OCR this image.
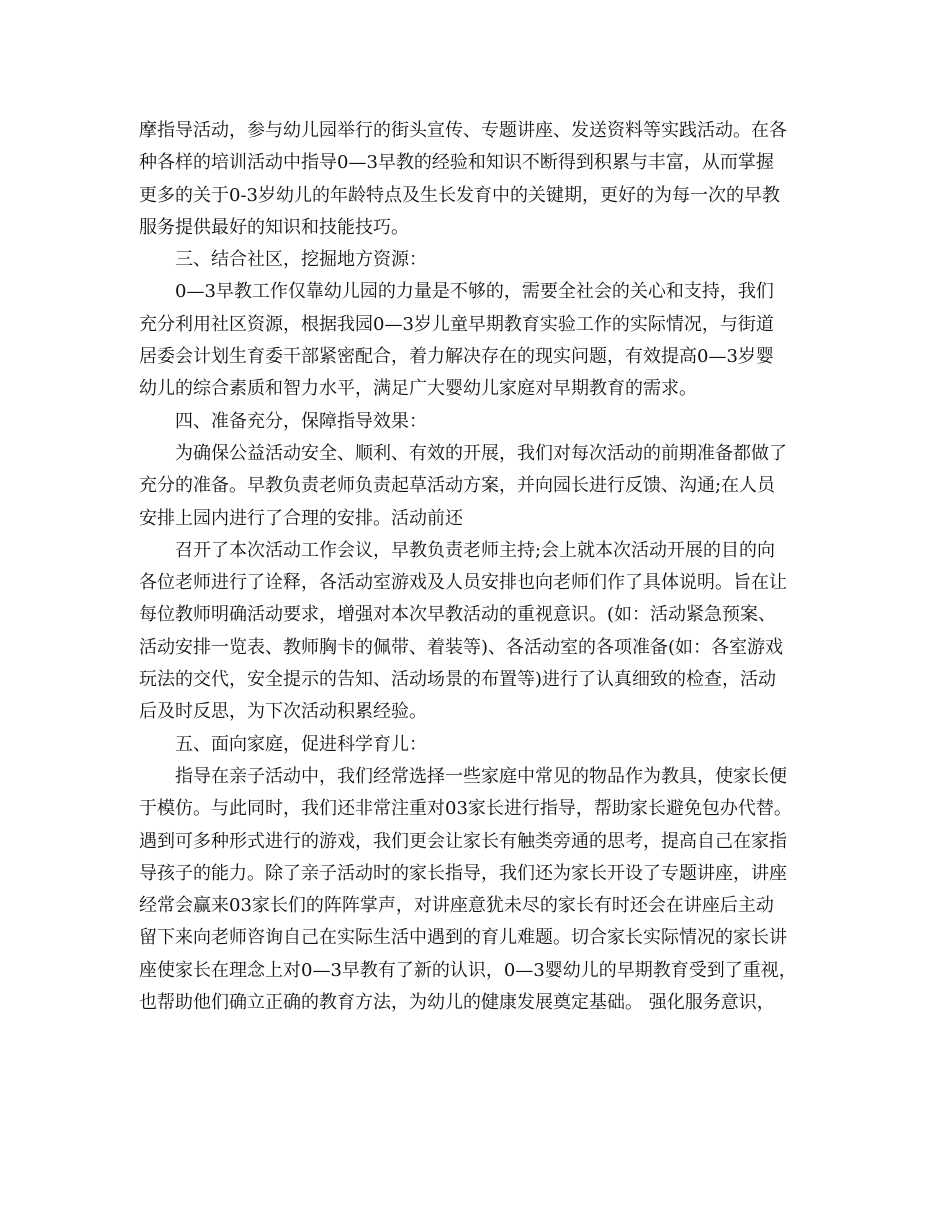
摩指导活动，参与幼儿园举行的街头宣传、专题讲座、发送资料等实践活动。在各
种各样的培训活动中指导0—3早教的经验和知识不断得到积累与丰富，从而掌握
更多的关于0-3岁幼儿的年龄特点及生长发育中的关键期，更好的为每一次的早教
服务提供最好的知识和技能技巧。
三、结合社区，挖掘地方资源：
0—3早教工作仅靠幼儿园的力量是不够的，需要全社会的关心和支持，我们
充分利用社区资源，根据我园0—3岁儿童早期教育实验工作的实际情况，与街道
居委会计划生育委干部紧密配合，着力解决存在的现实问题，有效提高0—3岁婴
幼儿的综合素质和智力水平，满足广大婴幼儿家庭对早期教育的需求。
四、准备充分，保障指导效果：
为确保公益活动安全、顺利、有效的开展，我们对每次活动的前期准备都做了
充分的准备。早教负责老师负责起草活动方案，并向园长进行反馈、沟通;在人员
安排上园内进行了合理的安排。活动前还
召开了本次活动工作会议，早教负责老师主持;会上就本次活动开展的目的向
各位老师进行了诠释，各活动室游戏及人员安排也向老师们作了具体说明。旨在让
每位教师明确活动要求，增强对本次早教活动的重视意识。(如：活动紧急预案、
活动安排一览表、教师胸卡的佩带、着装等)、各活动室的各项准备(如：各室游戏
玩法的交代，安全提示的告知、活动场景的布置等)进行了认真细致的检查，活动
后及时反思，为下次活动积累经验。
五、面向家庭，促进科学育儿：
指导在亲子活动中，我们经常选择一些家庭中常见的物品作为教具，使家长便
于模仿。与此同时，我们还非常注重对03家长进行指导，帮助家长避免包办代替。
遇到可多种形式进行的游戏，我们更会让家长有触类旁通的思考，提高自己在家指
导孩子的能力。除了亲子活动时的家长指导，我们还为家长开设了专题讲座，讲座
经常会赢来03家长们的阵阵掌声，对讲座意犹未尽的家长有时还会在讲座后主动
留下来向老师咨询自己在实际生活中遇到的育儿难题。切合家长实际情况的家长讲
座使家长在理念上对0—3早教有了新的认识，0—3婴幼儿的早期教育受到了重视，
也帮助他们确立正确的教育方法，为幼儿的健康发展奠定基础。 强化服务意识，
